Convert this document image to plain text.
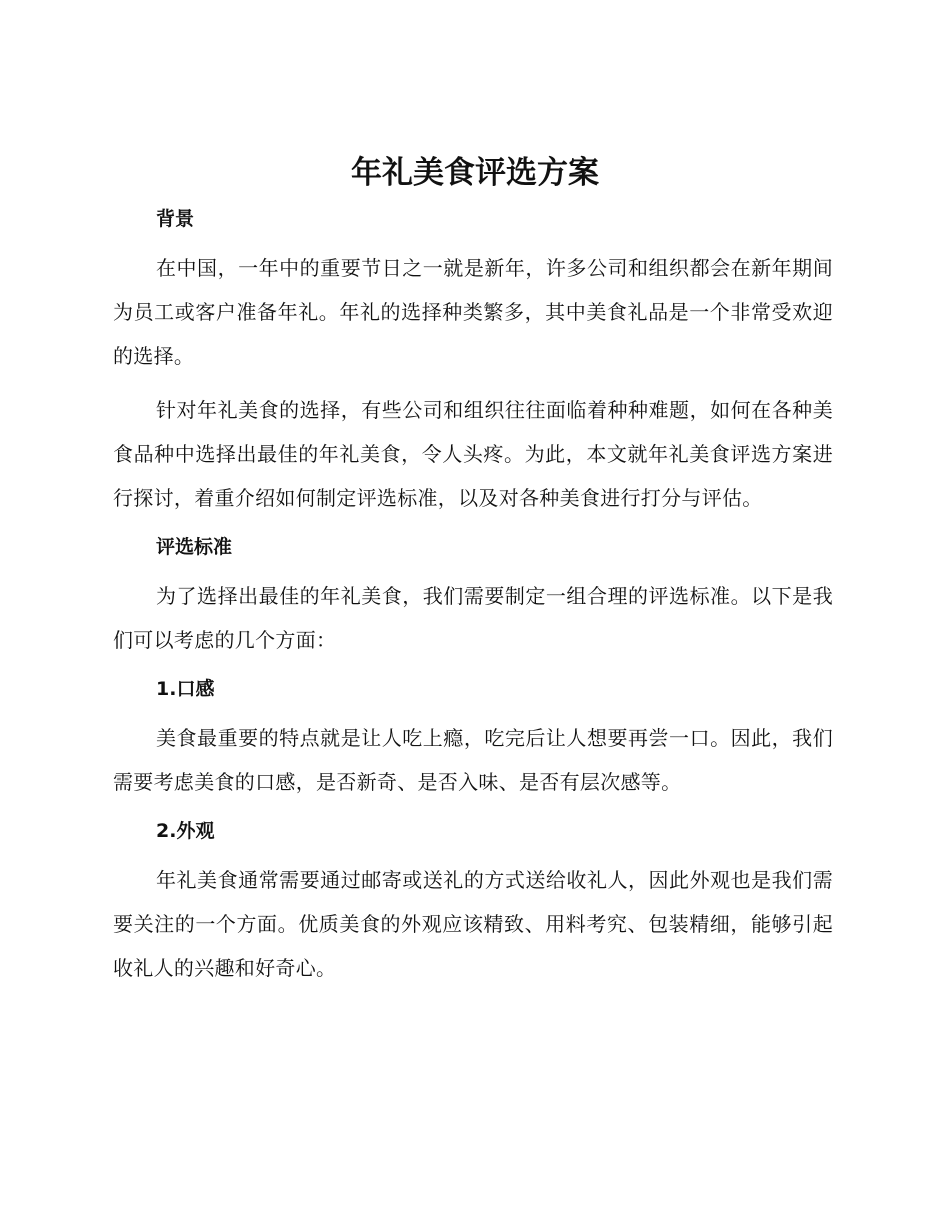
年礼美食评选方案
背景

在中国，一年中的重要节日之一就是新年，许多公司和组织都会在新年期间为员工或客户准备年礼。年礼的选择种类繁多，其中美食礼品是一个非常受欢迎的选择。

针对年礼美食的选择，有些公司和组织往往面临着种种难题，如何在各种美食品种中选择出最佳的年礼美食，令人头疼。为此，本文就年礼美食评选方案进行探讨，着重介绍如何制定评选标准，以及对各种美食进行打分与评估。

评选标准

为了选择出最佳的年礼美食，我们需要制定一组合理的评选标准。以下是我们可以考虑的几个方面：

1.口感

美食最重要的特点就是让人吃上瘾，吃完后让人想要再尝一口。因此，我们需要考虑美食的口感，是否新奇、是否入味、是否有层次感等。

2.外观

年礼美食通常需要通过邮寄或送礼的方式送给收礼人，因此外观也是我们需要关注的一个方面。优质美食的外观应该精致、用料考究、包装精细，能够引起收礼人的兴趣和好奇心。
